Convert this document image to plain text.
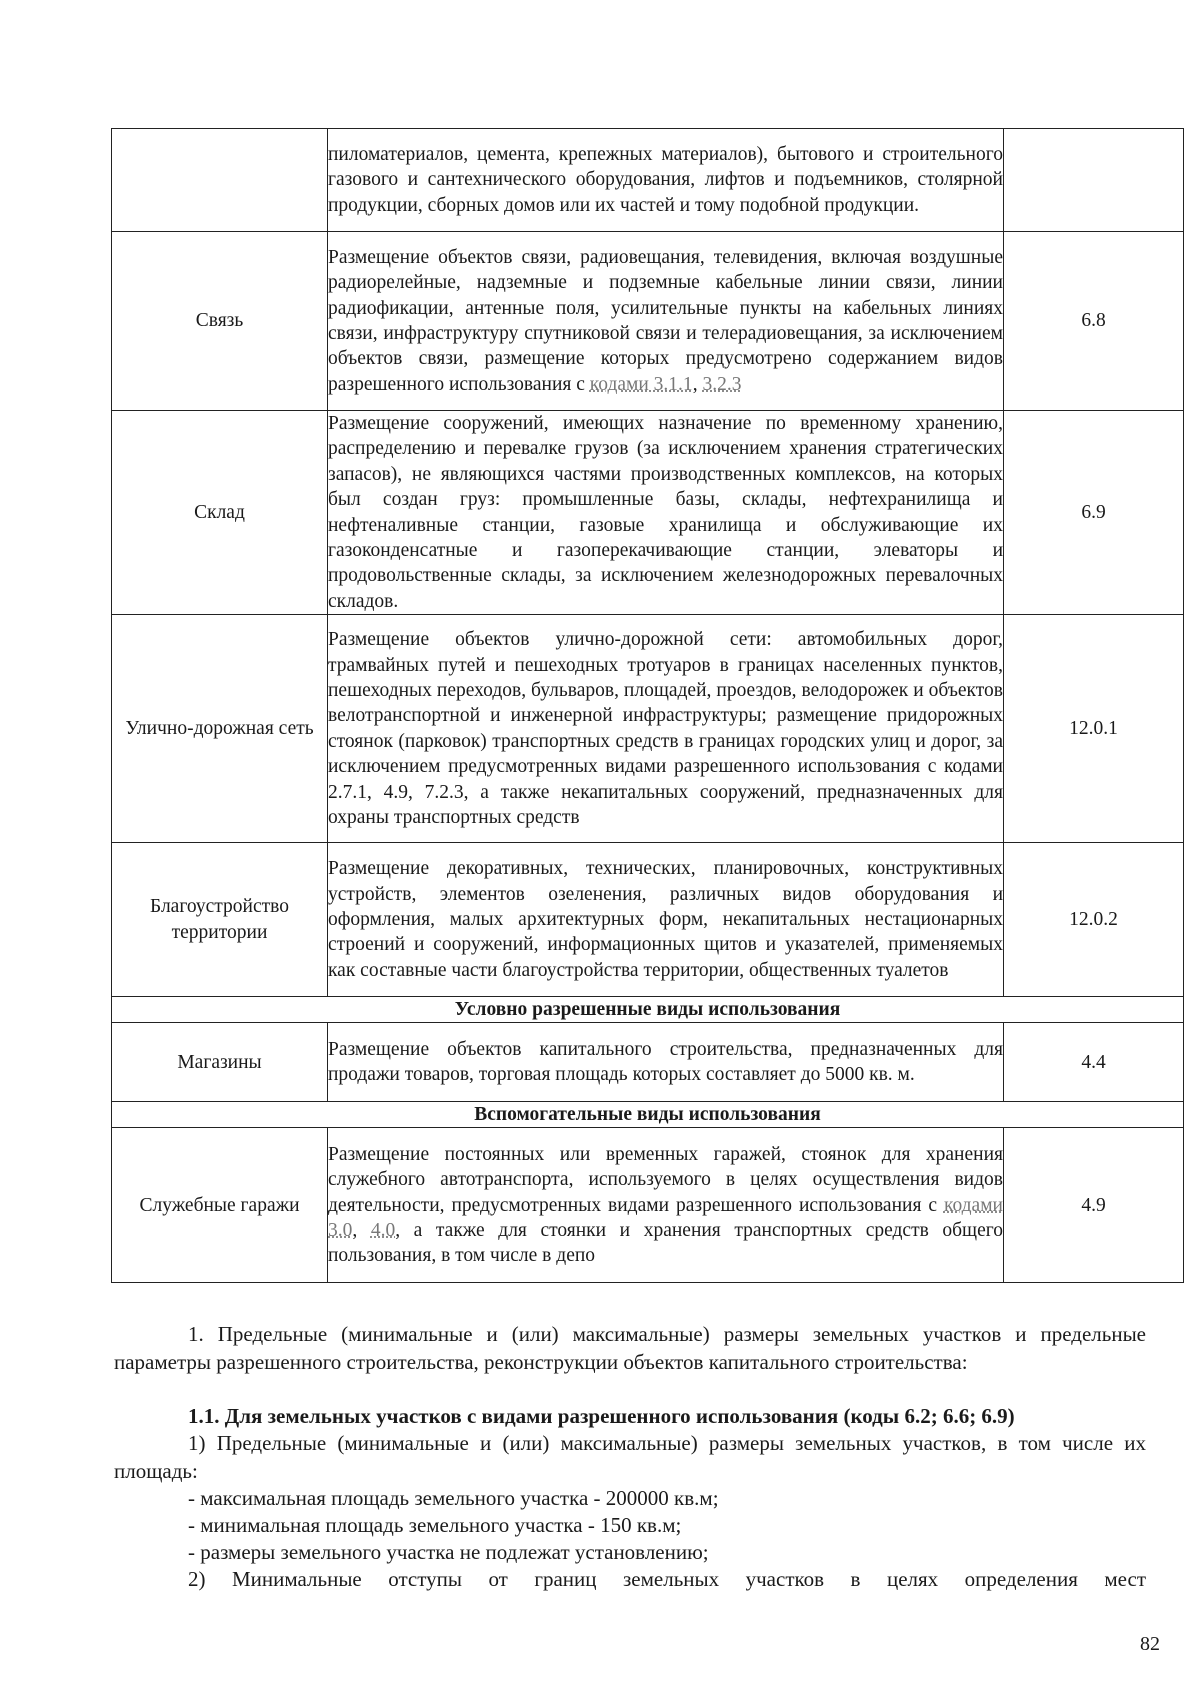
	пиломатериалов, цемента, крепежных материалов), бытового и строительного газового и сантехнического оборудования, лифтов и подъемников, столярной продукции, сборных домов или их частей и тому подобной продукции.	
Связь	Размещение объектов связи, радиовещания, телевидения, включая воздушные радиорелейные, надземные и подземные кабельные линии связи, линии радиофикации, антенные поля, усилительные пункты на кабельных линиях связи, инфраструктуру спутниковой связи и телерадиовещания, за исключением объектов связи, размещение которых предусмотрено содержанием видов разрешенного использования с кодами 3.1.1, 3.2.3	6.8
Склад	Размещение сооружений, имеющих назначение по временному хранению, распределению и перевалке грузов (за исключением хранения стратегических запасов), не являющихся частями производственных комплексов, на которых был создан груз: промышленные базы, склады, нефтехранилища и нефтеналивные станции, газовые хранилища и обслуживающие их газоконденсатные и газоперекачивающие станции, элеваторы и продовольственные склады, за исключением железнодорожных перевалочных складов.	6.9
Улично-дорожная сеть	Размещение объектов улично-дорожной сети: автомобильных дорог, трамвайных путей и пешеходных тротуаров в границах населенных пунктов, пешеходных переходов, бульваров, площадей, проездов, велодорожек и объектов велотранспортной и инженерной инфраструктуры; размещение придорожных стоянок (парковок) транспортных средств в границах городских улиц и дорог, за исключением предусмотренных видами разрешенного использования с кодами 2.7.1, 4.9, 7.2.3, а также некапитальных сооружений, предназначенных для охраны транспортных средств	12.0.1
Благоустройство территории	Размещение декоративных, технических, планировочных, конструктивных устройств, элементов озеленения, различных видов оборудования и оформления, малых архитектурных форм, некапитальных нестационарных строений и сооружений, информационных щитов и указателей, применяемых как составные части благоустройства территории, общественных туалетов	12.0.2
Условно разрешенные виды использования		
Магазины	Размещение объектов капитального строительства, предназначенных для продажи товаров, торговая площадь которых составляет до 5000 кв. м.	4.4
Вспомогательные виды использования		
Служебные гаражи	Размещение постоянных или временных гаражей, стоянок для хранения служебного автотранспорта, используемого в целях осуществления видов деятельности, предусмотренных видами разрешенного использования с кодами 3.0, 4.0, а также для стоянки и хранения транспортных средств общего пользования, в том числе в депо	4.9

1. Предельные (минимальные и (или) максимальные) размеры земельных участков и предельные параметры разрешенного строительства, реконструкции объектов капитального строительства:

1.1. Для земельных участков с видами разрешенного использования (коды 6.2; 6.6; 6.9)

1) Предельные (минимальные и (или) максимальные) размеры земельных участков, в том числе их площадь:

- максимальная площадь земельного участка - 200000 кв.м;

- минимальная площадь земельного участка - 150 кв.м;

- размеры земельного участка не подлежат установлению;

2) Минимальные отступы от границ земельных участков в целях определения мест

82
